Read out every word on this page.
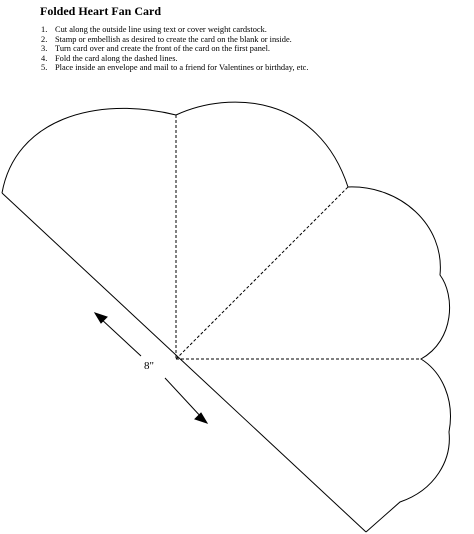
Folded Heart Fan Card
1. Cut along the outside line using text or cover weight cardstock.
2. Stamp or embellish as desired to create the card on the blank or inside.
3. Turn card over and create the front of the card on the first panel.
4. Fold the card along the dashed lines.
5. Place inside an envelope and mail to a friend for Valentines or birthday, etc.
8"
